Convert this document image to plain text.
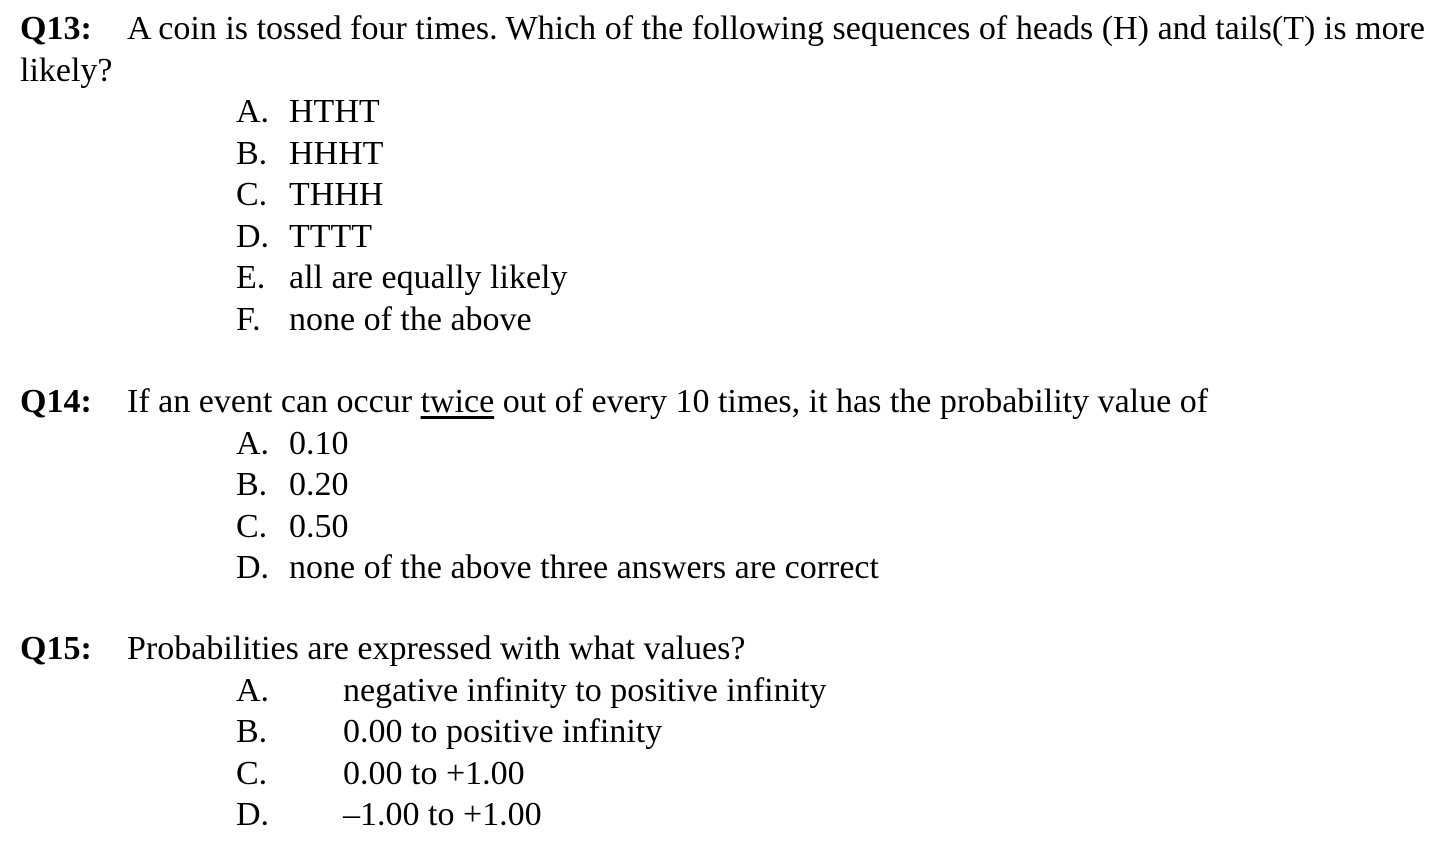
Q13: A coin is tossed four times. Which of the following sequences of heads (H) and tails(T) is more likely?

A. HTHT
B. HHHT
C. THHH
D. TTTT
E. all are equally likely
F. none of the above

Q14: If an event can occur twice out of every 10 times, it has the probability value of

A. 0.10
B. 0.20
C. 0.50
D. none of the above three answers are correct

Q15: Probabilities are expressed with what values?

A. negative infinity to positive infinity
B. 0.00 to positive infinity
C. 0.00 to +1.00
D. –1.00 to +1.00
